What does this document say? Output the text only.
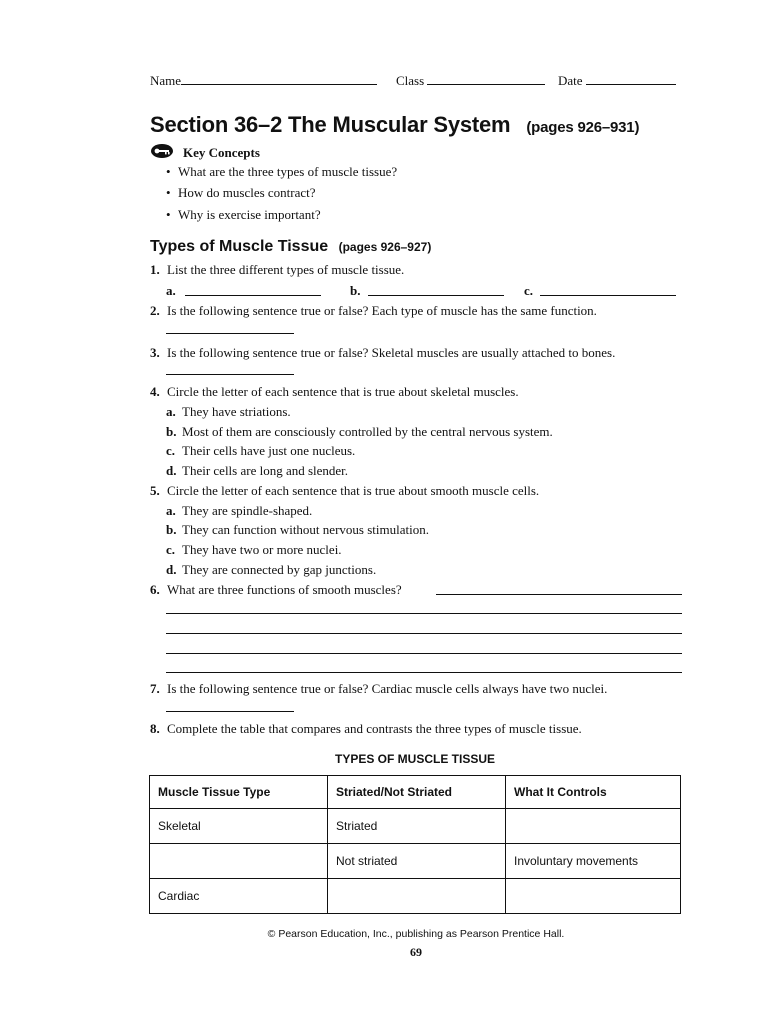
Name	Class	Date
Section 36–2 The Muscular System (pages 926–931)
Key Concepts
• What are the three types of muscle tissue?
• How do muscles contract?
• Why is exercise important?
Types of Muscle Tissue (pages 926–927)
1. List the three different types of muscle tissue.
a.	b.	c.
2. Is the following sentence true or false? Each type of muscle has the same function.
3. Is the following sentence true or false? Skeletal muscles are usually attached to bones.
4. Circle the letter of each sentence that is true about skeletal muscles.
a. They have striations.
b. Most of them are consciously controlled by the central nervous system.
c. Their cells have just one nucleus.
d. Their cells are long and slender.
5. Circle the letter of each sentence that is true about smooth muscle cells.
a. They are spindle-shaped.
b. They can function without nervous stimulation.
c. They have two or more nuclei.
d. They are connected by gap junctions.
6. What are three functions of smooth muscles?
7. Is the following sentence true or false? Cardiac muscle cells always have two nuclei.
8. Complete the table that compares and contrasts the three types of muscle tissue.
TYPES OF MUSCLE TISSUE
Muscle Tissue Type	Striated/Not Striated	What It Controls
Skeletal	Striated	
	Not striated	Involuntary movements
Cardiac		
© Pearson Education, Inc., publishing as Pearson Prentice Hall.
69
